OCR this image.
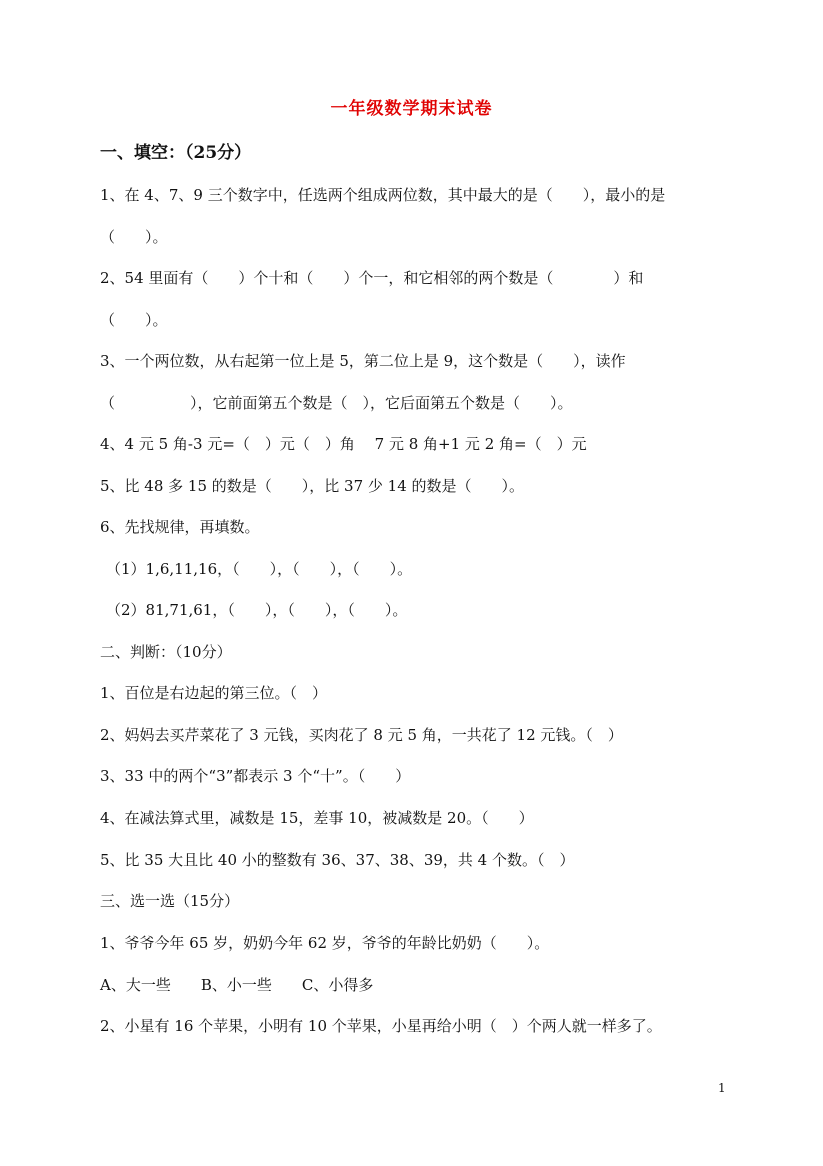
一年级数学期末试卷
一、填空：（25分）
1、在 4、7、9 三个数字中，任选两个组成两位数，其中最大的是（　　），最小的是
（　　）。
2、54 里面有（　　）个十和（　　）个一，和它相邻的两个数是（　　　　）和
（　　）。
3、一个两位数，从右起第一位上是 5，第二位上是 9，这个数是（　　），读作
（　　　　　），它前面第五个数是（　），它后面第五个数是（　　）。
4、4 元 5 角-3 元=（　）元（　）角　 7 元 8 角+1 元 2 角=（　）元
5、比 48 多 15 的数是（　　），比 37 少 14 的数是（　　）。
6、先找规律，再填数。
（1）1,6,11,16，（　　），（　　），（　　）。
（2）81,71,61，（　　），（　　），（　　）。
二、判断：（10分）
1、百位是右边起的第三位。（　）
2、妈妈去买芹菜花了 3 元钱，买肉花了 8 元 5 角，一共花了 12 元钱。（　）
3、33 中的两个“3”都表示 3 个“十”。（　　）
4、在减法算式里，减数是 15，差事 10，被减数是 20。（　　）
5、比 35 大且比 40 小的整数有 36、37、38、39，共 4 个数。（　）
三、选一选（15分）
1、爷爷今年 65 岁，奶奶今年 62 岁，爷爷的年龄比奶奶（　　）。
A、大一些　　B、小一些　　C、小得多
2、小星有 16 个苹果，小明有 10 个苹果，小星再给小明（　）个两人就一样多了。
1
